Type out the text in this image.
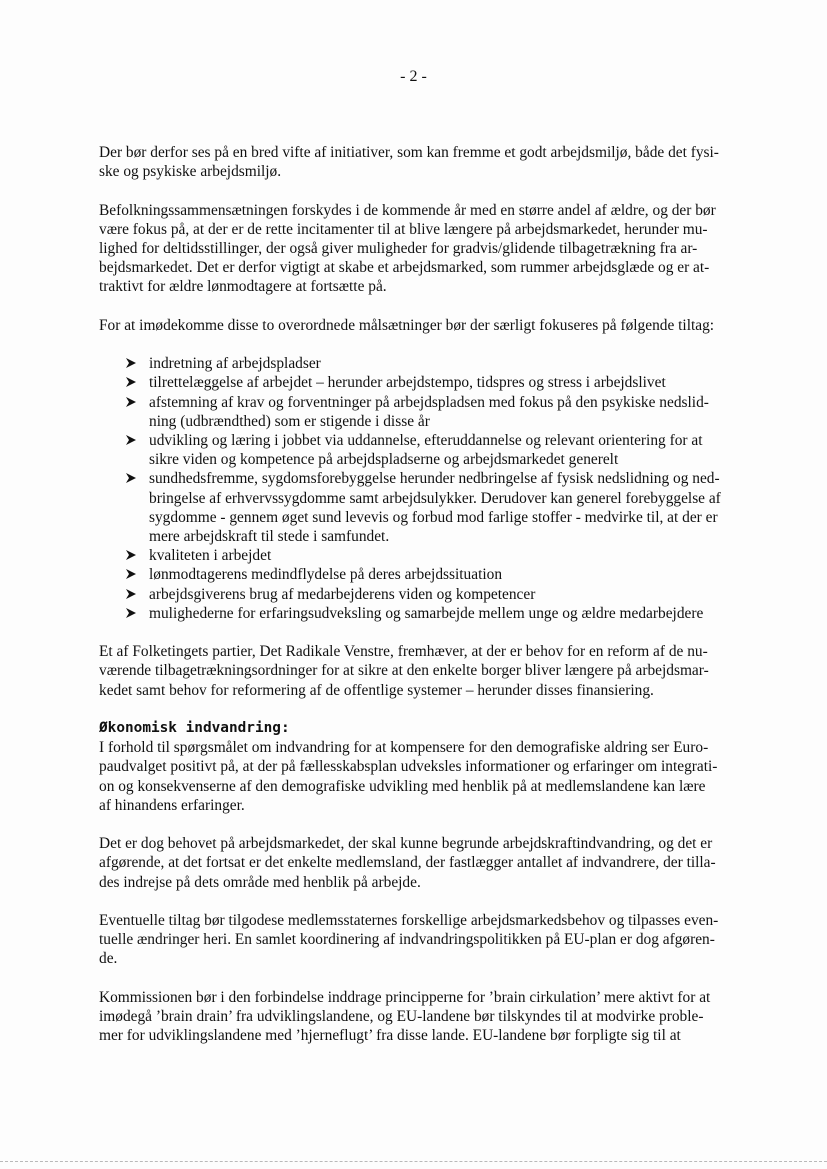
- 2 -
Der bør derfor ses på en bred vifte af initiativer, som kan fremme et godt arbejdsmiljø, både det fysi-
ske og psykiske arbejdsmiljø.
Befolkningssammensætningen forskydes i de kommende år med en større andel af ældre, og der bør
være fokus på, at der er de rette incitamenter til at blive længere på arbejdsmarkedet, herunder mu-
lighed for deltidsstillinger, der også giver muligheder for gradvis/glidende tilbagetrækning fra ar-
bejdsmarkedet. Det er derfor vigtigt at skabe et arbejdsmarked, som rummer arbejdsglæde og er at-
traktivt for ældre lønmodtagere at fortsætte på.
For at imødekomme disse to overordnede målsætninger bør der særligt fokuseres på følgende tiltag:
indretning af arbejdspladser
tilrettelæggelse af arbejdet – herunder arbejdstempo, tidspres og stress i arbejdslivet
afstemning af krav og forventninger på arbejdspladsen med fokus på den psykiske nedslid-
ning (udbrændthed) som er stigende i disse år
udvikling og læring i jobbet via uddannelse, efteruddannelse og relevant orientering for at
sikre viden og kompetence på arbejdspladserne og arbejdsmarkedet generelt
sundhedsfremme, sygdomsforebyggelse herunder nedbringelse af fysisk nedslidning og ned-
bringelse af erhvervssygdomme samt arbejdsulykker. Derudover kan generel forebyggelse af
sygdomme - gennem øget sund levevis og forbud mod farlige stoffer - medvirke til, at der er
mere arbejdskraft til stede i samfundet.
kvaliteten i arbejdet
lønmodtagerens medindflydelse på deres arbejdssituation
arbejdsgiverens brug af medarbejderens viden og kompetencer
mulighederne for erfaringsudveksling og samarbejde mellem unge og ældre medarbejdere
Et af Folketingets partier, Det Radikale Venstre, fremhæver, at der er behov for en reform af de nu-
værende tilbagetrækningsordninger for at sikre at den enkelte borger bliver længere på arbejdsmar-
kedet samt behov for reformering af de offentlige systemer – herunder disses finansiering.
Økonomisk indvandring:
I forhold til spørgsmålet om indvandring for at kompensere for den demografiske aldring ser Euro-
paudvalget positivt på, at der på fællesskabsplan udveksles informationer og erfaringer om integrati-
on og konsekvenserne af den demografiske udvikling med henblik på at medlemslandene kan lære
af hinandens erfaringer.
Det er dog behovet på arbejdsmarkedet, der skal kunne begrunde arbejdskraftindvandring, og det er
afgørende, at det fortsat er det enkelte medlemsland, der fastlægger antallet af indvandrere, der tilla-
des indrejse på dets område med henblik på arbejde.
Eventuelle tiltag bør tilgodese medlemsstaternes forskellige arbejdsmarkedsbehov og tilpasses even-
tuelle ændringer heri. En samlet koordinering af indvandringspolitikken på EU-plan er dog afgøren-
de.
Kommissionen bør i den forbindelse inddrage principperne for ’brain cirkulation’ mere aktivt for at
imødegå ’brain drain’ fra udviklingslandene, og EU-landene bør tilskyndes til at modvirke proble-
mer for udviklingslandene med ’hjerneflugt’ fra disse lande. EU-landene bør forpligte sig til at
